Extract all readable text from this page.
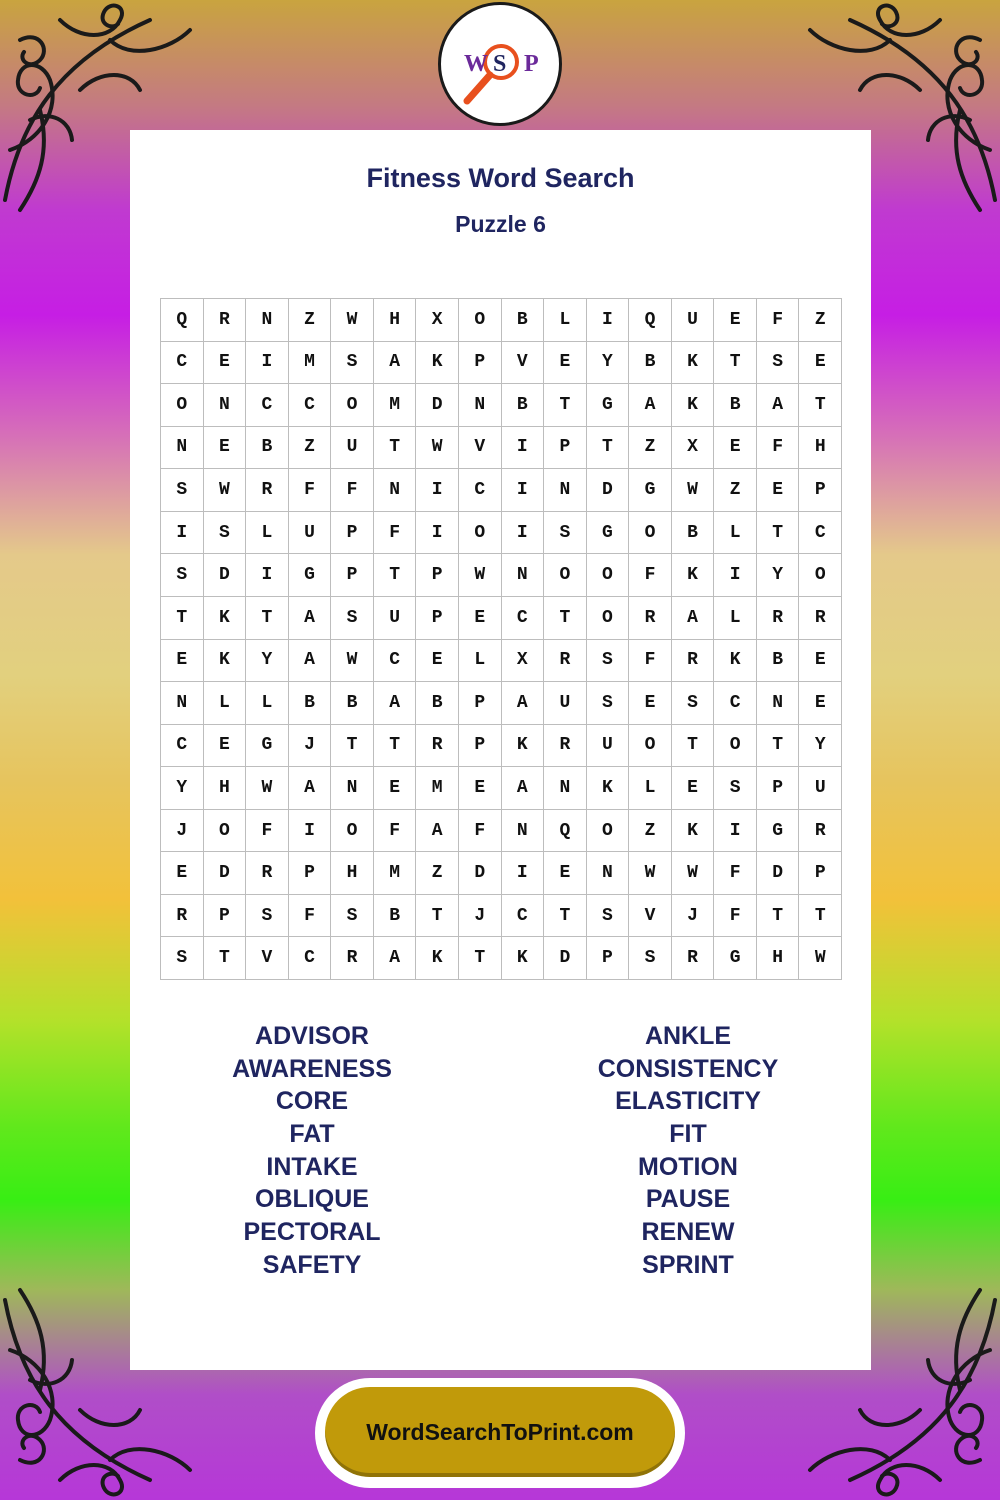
W S P
Fitness Word Search
Puzzle 6
Q	R	N	Z	W	H	X	O	B	L	I	Q	U	E	F	Z
C	E	I	M	S	A	K	P	V	E	Y	B	K	T	S	E
O	N	C	C	O	M	D	N	B	T	G	A	K	B	A	T
N	E	B	Z	U	T	W	V	I	P	T	Z	X	E	F	H
S	W	R	F	F	N	I	C	I	N	D	G	W	Z	E	P
I	S	L	U	P	F	I	O	I	S	G	O	B	L	T	C
S	D	I	G	P	T	P	W	N	O	O	F	K	I	Y	O
T	K	T	A	S	U	P	E	C	T	O	R	A	L	R	R
E	K	Y	A	W	C	E	L	X	R	S	F	R	K	B	E
N	L	L	B	B	A	B	P	A	U	S	E	S	C	N	E
C	E	G	J	T	T	R	P	K	R	U	O	T	O	T	Y
Y	H	W	A	N	E	M	E	A	N	K	L	E	S	P	U
J	O	F	I	O	F	A	F	N	Q	O	Z	K	I	G	R
E	D	R	P	H	M	Z	D	I	E	N	W	W	F	D	P
R	P	S	F	S	B	T	J	C	T	S	V	J	F	T	T
S	T	V	C	R	A	K	T	K	D	P	S	R	G	H	W
ADVISOR
AWARENESS
CORE
FAT
INTAKE
OBLIQUE
PECTORAL
SAFETY
ANKLE
CONSISTENCY
ELASTICITY
FIT
MOTION
PAUSE
RENEW
SPRINT
WordSearchToPrint.com
